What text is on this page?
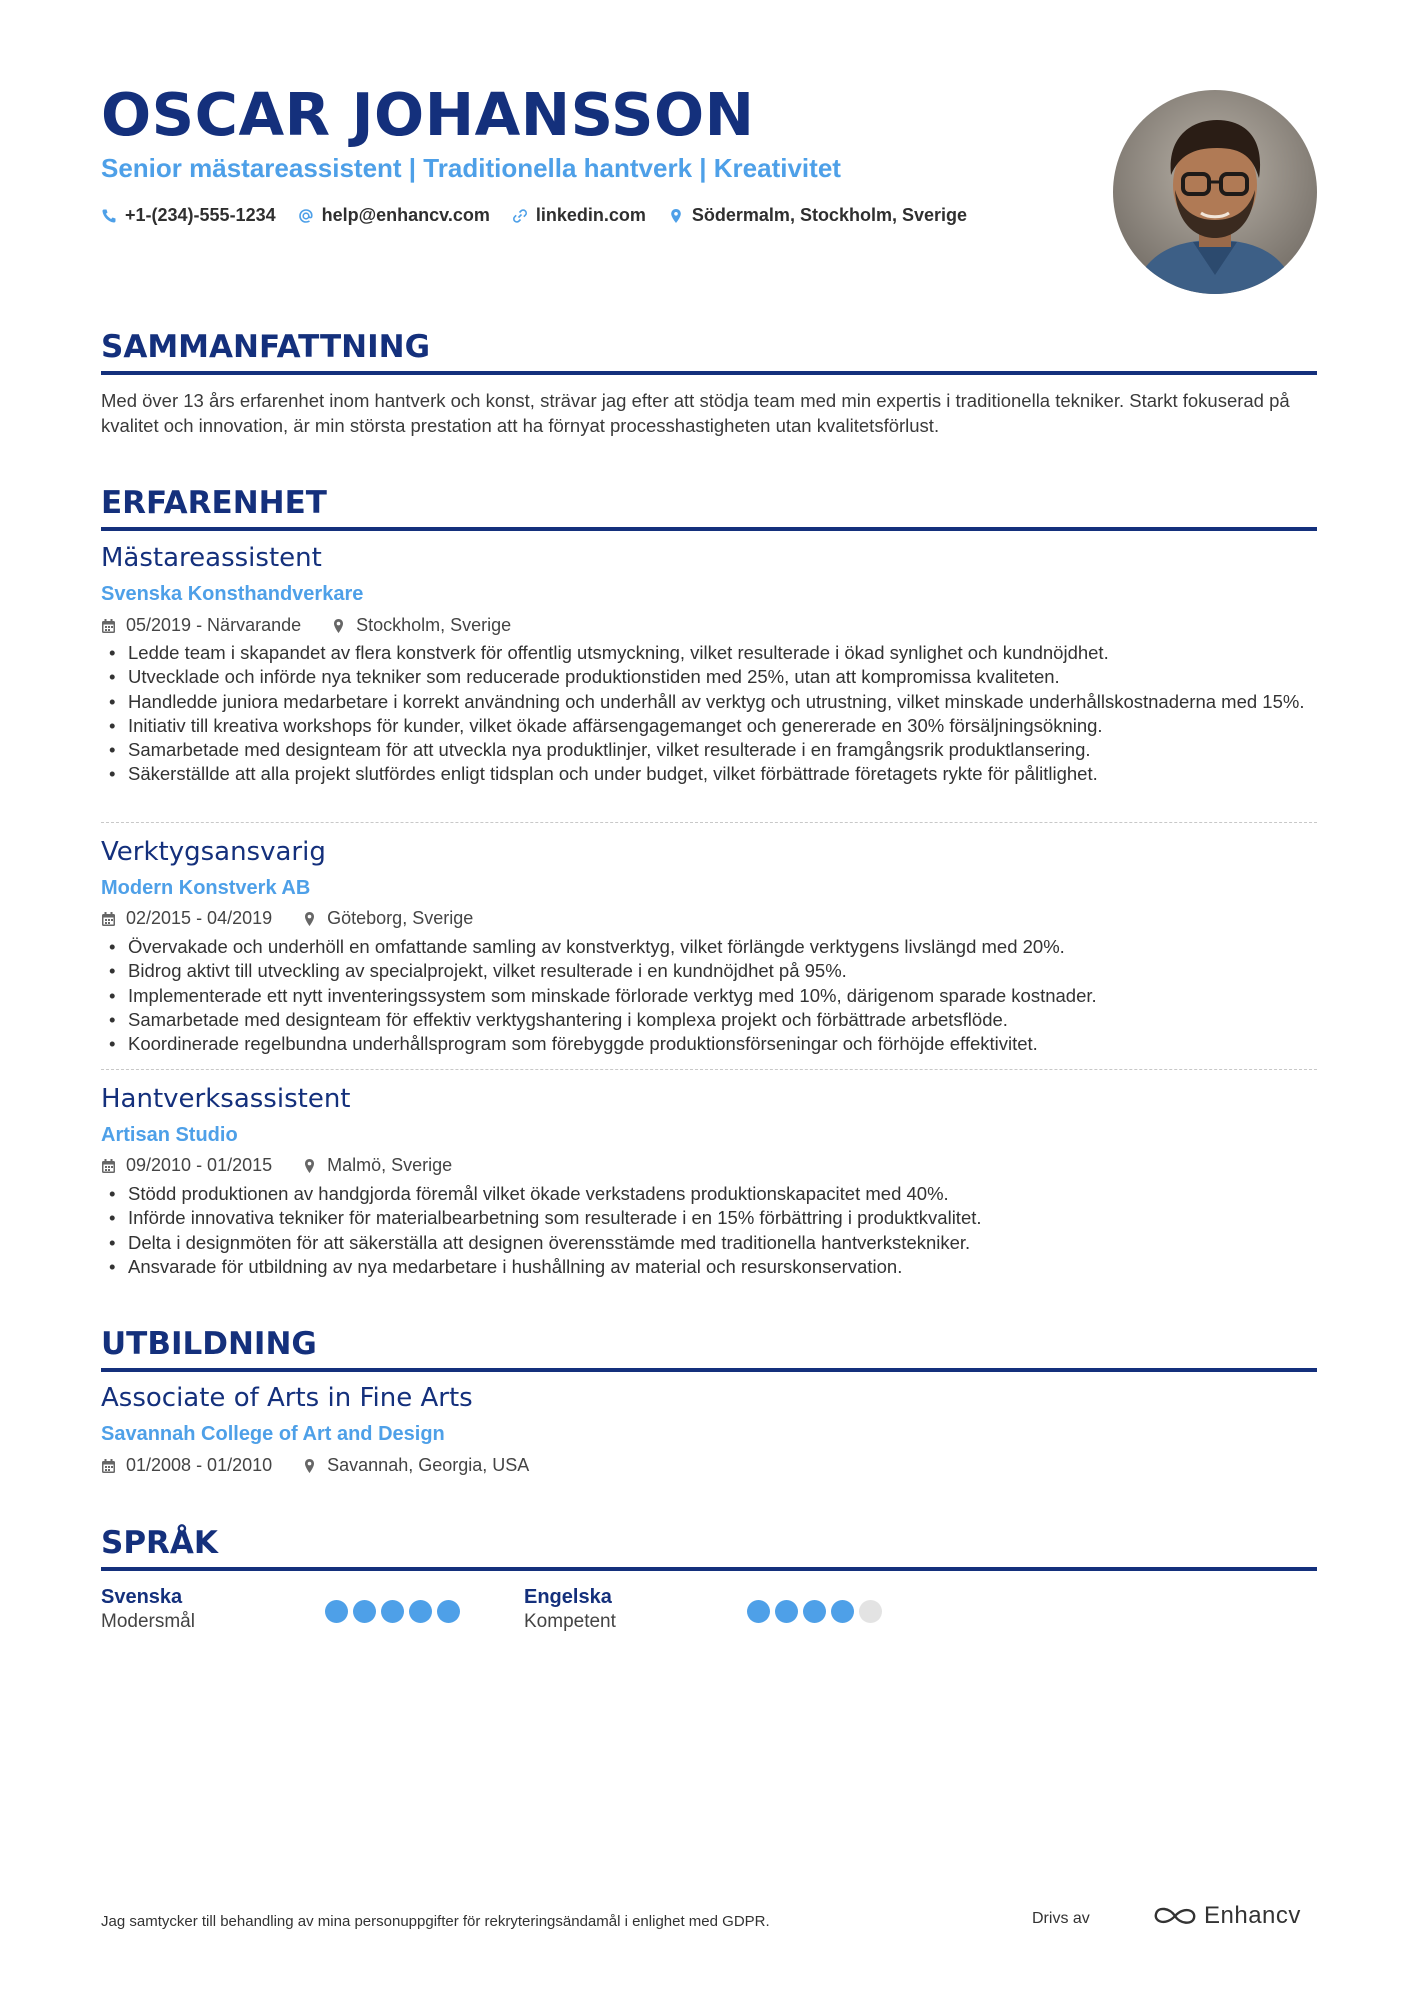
OSCAR JOHANSSON
Senior mästareassistent | Traditionella hantverk | Kreativitet
+1-(234)-555-1234	help@enhancv.com	linkedin.com	Södermalm, Stockholm, Sverige
SAMMANFATTNING
Med över 13 års erfarenhet inom hantverk och konst, strävar jag efter att stödja team med min expertis i traditionella tekniker. Starkt fokuserad på kvalitet och innovation, är min största prestation att ha förnyat processhastigheten utan kvalitetsförlust.
ERFARENHET
Mästareassistent
Svenska Konsthandverkare
05/2019 - Närvarande	Stockholm, Sverige
• Ledde team i skapandet av flera konstverk för offentlig utsmyckning, vilket resulterade i ökad synlighet och kundnöjdhet.
• Utvecklade och införde nya tekniker som reducerade produktionstiden med 25%, utan att kompromissa kvaliteten.
• Handledde juniora medarbetare i korrekt användning och underhåll av verktyg och utrustning, vilket minskade underhållskostnaderna med 15%.
• Initiativ till kreativa workshops för kunder, vilket ökade affärsengagemanget och genererade en 30% försäljningsökning.
• Samarbetade med designteam för att utveckla nya produktlinjer, vilket resulterade i en framgångsrik produktlansering.
• Säkerställde att alla projekt slutfördes enligt tidsplan och under budget, vilket förbättrade företagets rykte för pålitlighet.
Verktygsansvarig
Modern Konstverk AB
02/2015 - 04/2019	Göteborg, Sverige
• Övervakade och underhöll en omfattande samling av konstverktyg, vilket förlängde verktygens livslängd med 20%.
• Bidrog aktivt till utveckling av specialprojekt, vilket resulterade i en kundnöjdhet på 95%.
• Implementerade ett nytt inventeringssystem som minskade förlorade verktyg med 10%, därigenom sparade kostnader.
• Samarbetade med designteam för effektiv verktygshantering i komplexa projekt och förbättrade arbetsflöde.
• Koordinerade regelbundna underhållsprogram som förebyggde produktionsförseningar och förhöjde effektivitet.
Hantverksassistent
Artisan Studio
09/2010 - 01/2015	Malmö, Sverige
• Stödd produktionen av handgjorda föremål vilket ökade verkstadens produktionskapacitet med 40%.
• Införde innovativa tekniker för materialbearbetning som resulterade i en 15% förbättring i produktkvalitet.
• Delta i designmöten för att säkerställa att designen överensstämde med traditionella hantverkstekniker.
• Ansvarade för utbildning av nya medarbetare i hushållning av material och resurskonservation.
UTBILDNING
Associate of Arts in Fine Arts
Savannah College of Art and Design
01/2008 - 01/2010	Savannah, Georgia, USA
SPRÅK
Svenska
Modersmål
Engelska
Kompetent
Jag samtycker till behandling av mina personuppgifter för rekryteringsändamål i enlighet med GDPR.	Drivs av	Enhancv
